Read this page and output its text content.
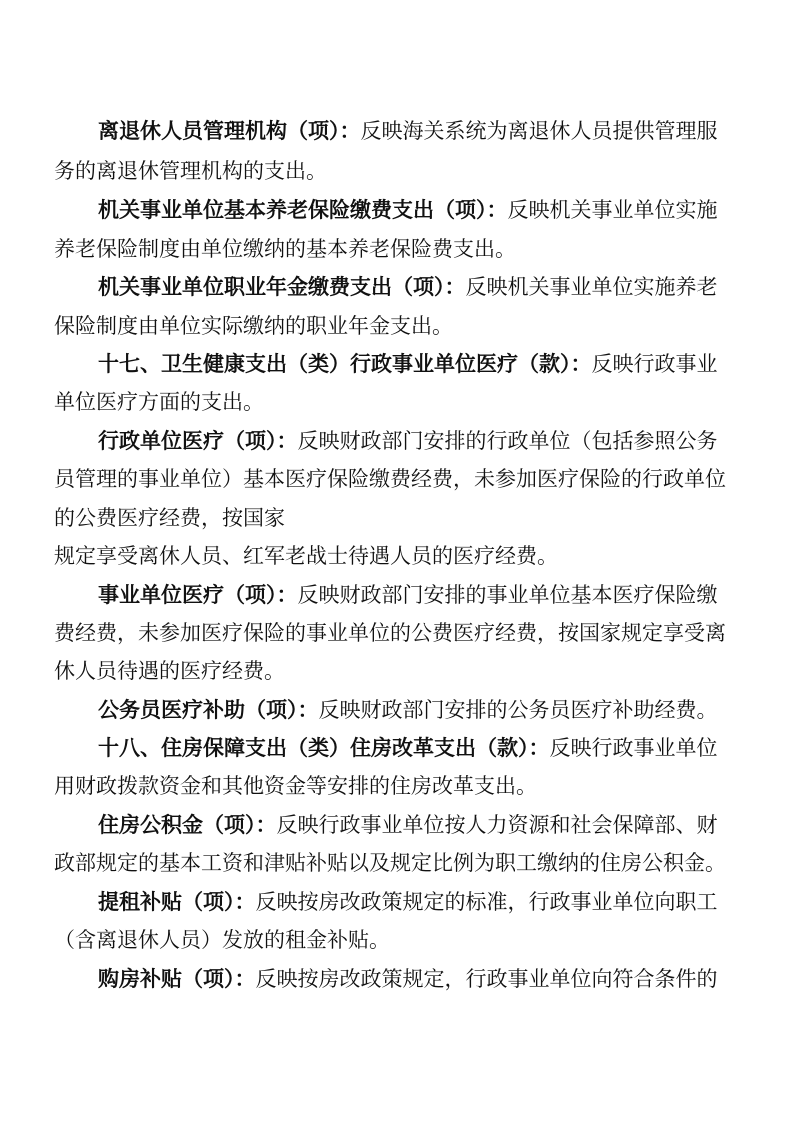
离退休人员管理机构（项）：反映海关系统为离退休人员提供管理服
务的离退休管理机构的支出。
机关事业单位基本养老保险缴费支出（项）：反映机关事业单位实施
养老保险制度由单位缴纳的基本养老保险费支出。
机关事业单位职业年金缴费支出（项）：反映机关事业单位实施养老
保险制度由单位实际缴纳的职业年金支出。
十七、卫生健康支出（类）行政事业单位医疗（款）：反映行政事业
单位医疗方面的支出。
行政单位医疗（项）：反映财政部门安排的行政单位（包括参照公务
员管理的事业单位）基本医疗保险缴费经费，未参加医疗保险的行政单位
的公费医疗经费，按国家
规定享受离休人员、红军老战士待遇人员的医疗经费。
事业单位医疗（项）：反映财政部门安排的事业单位基本医疗保险缴
费经费，未参加医疗保险的事业单位的公费医疗经费，按国家规定享受离
休人员待遇的医疗经费。
公务员医疗补助（项）：反映财政部门安排的公务员医疗补助经费。
十八、住房保障支出（类）住房改革支出（款）：反映行政事业单位
用财政拨款资金和其他资金等安排的住房改革支出。
住房公积金（项）：反映行政事业单位按人力资源和社会保障部、财
政部规定的基本工资和津贴补贴以及规定比例为职工缴纳的住房公积金。
提租补贴（项）：反映按房改政策规定的标准，行政事业单位向职工
（含离退休人员）发放的租金补贴。
购房补贴（项）：反映按房改政策规定，行政事业单位向符合条件的
